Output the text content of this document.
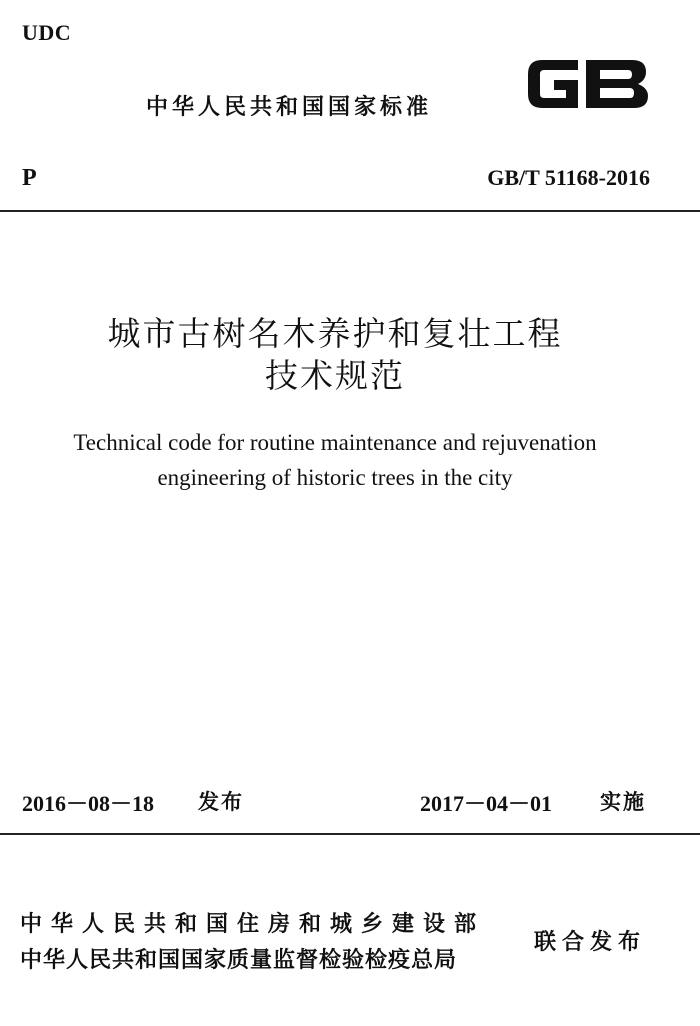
UDC
中华人民共和国国家标准
P	GB/T 51168-2016
城市古树名木养护和复壮工程
技术规范
Technical code for routine maintenance and rejuvenation
engineering of historic trees in the city
2016－08－18 发布	2017－04－01 实施
中华人民共和国住房和城乡建设部
中华人民共和国国家质量监督检验检疫总局
联合发布
